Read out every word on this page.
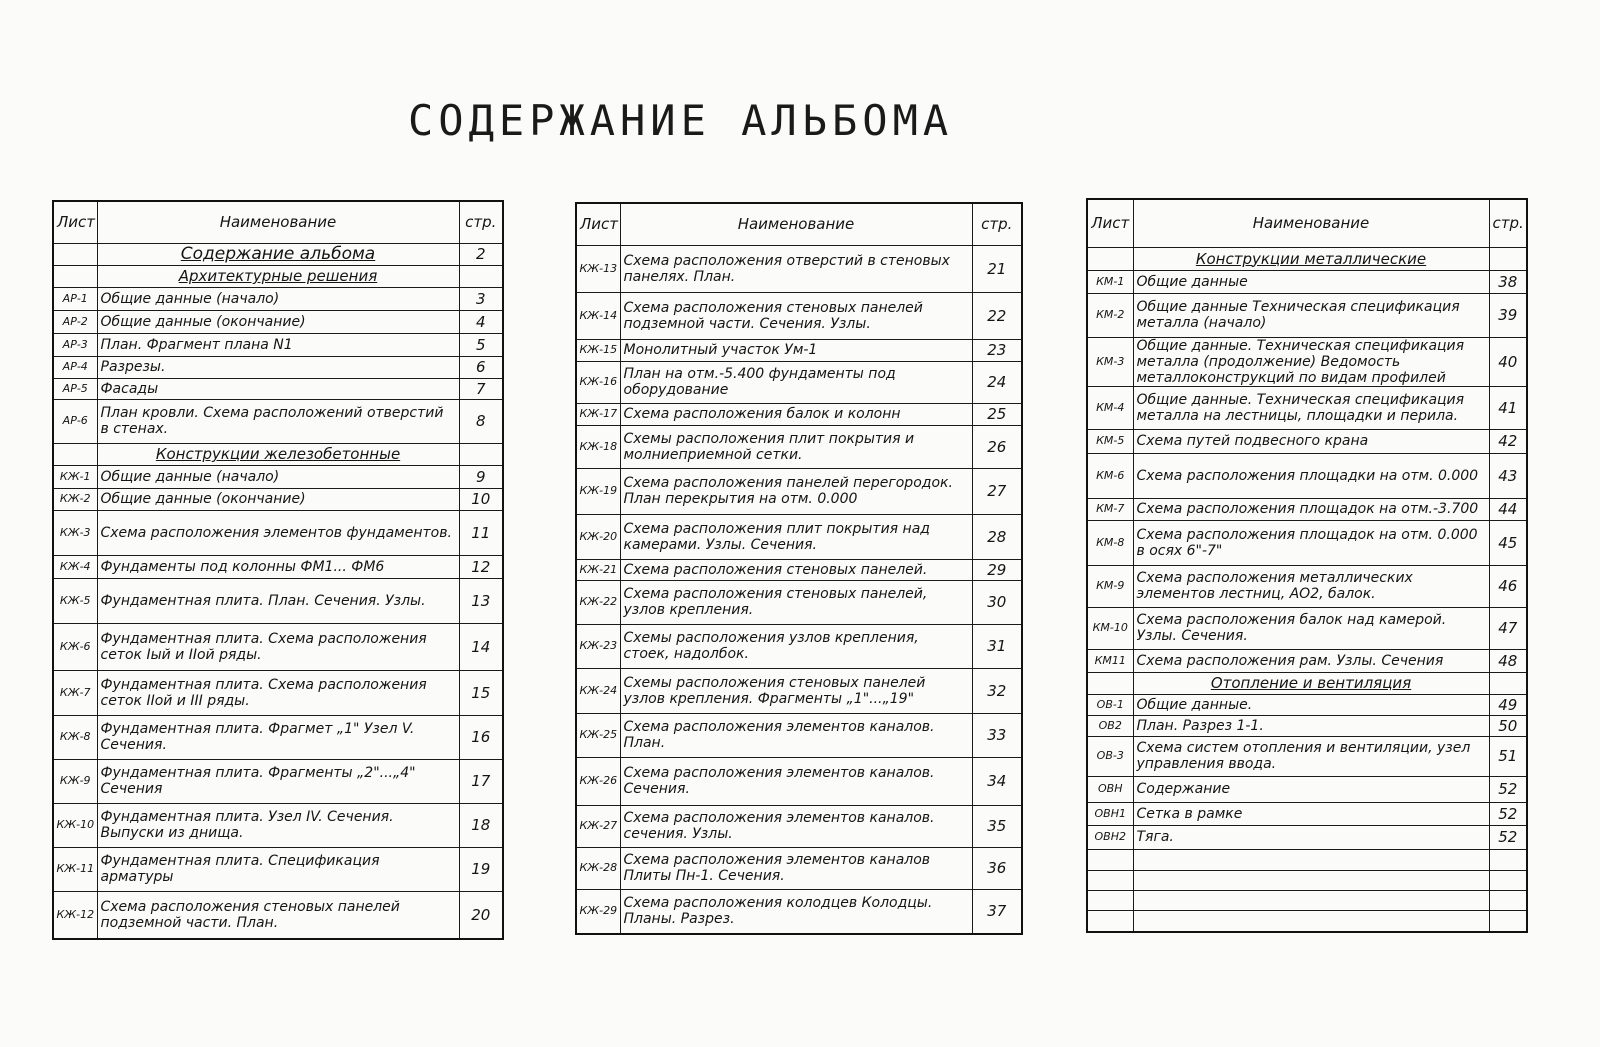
СОДЕРЖАНИЕ АЛЬБОМА
Лист	Наименование	стр.
	Содержание альбома	2
	Архитектурные решения	
АР-1	Общие данные (начало)	3
АР-2	Общие данные (окончание)	4
АР-3	План. Фрагмент плана N1	5
АР-4	Разрезы.	6
АР-5	Фасады	7
АР-6	План кровли. Схема расположений отверстий в стенах.	8
	Конструкции железобетонные	
КЖ-1	Общие данные (начало)	9
КЖ-2	Общие данные (окончание)	10
КЖ-3	Схема расположения элементов фундаментов.	11
КЖ-4	Фундаменты под колонны ФМ1... ФМ6	12
КЖ-5	Фундаментная плита. План. Сечения. Узлы.	13
КЖ-6	Фундаментная плита. Схема расположения сеток Iый и IIой ряды.	14
КЖ-7	Фундаментная плита. Схема расположения сеток IIой и III ряды.	15
КЖ-8	Фундаментная плита. Фрагмет „1" Узел V. Сечения.	16
КЖ-9	Фундаментная плита. Фрагменты „2"...„4" Сечения	17
КЖ-10	Фундаментная плита. Узел IV. Сечения. Выпуски из днища.	18
КЖ-11	Фундаментная плита. Спецификация арматуры	19
КЖ-12	Схема расположения стеновых панелей подземной части. План.	20
Лист	Наименование	стр.
КЖ-13	Схема расположения отверстий в стеновых панелях. План.	21
КЖ-14	Схема расположения стеновых панелей подземной части. Сечения. Узлы.	22
КЖ-15	Монолитный участок Ум-1	23
КЖ-16	План на отм.-5.400 фундаменты под оборудование	24
КЖ-17	Схема расположения балок и колонн	25
КЖ-18	Схемы расположения плит покрытия и молниеприемной сетки.	26
КЖ-19	Схема расположения панелей перегородок. План перекрытия на отм. 0.000	27
КЖ-20	Схема расположения плит покрытия над камерами. Узлы. Сечения.	28
КЖ-21	Схема расположения стеновых панелей.	29
КЖ-22	Схема расположения стеновых панелей, узлов крепления.	30
КЖ-23	Схемы расположения узлов крепления, стоек, надолбок.	31
КЖ-24	Схемы расположения стеновых панелей узлов крепления. Фрагменты „1"...„19"	32
КЖ-25	Схема расположения элементов каналов. План.	33
КЖ-26	Схема расположения элементов каналов. Сечения.	34
КЖ-27	Схема расположения элементов каналов. сечения. Узлы.	35
КЖ-28	Схема расположения элементов каналов Плиты Пн-1. Сечения.	36
КЖ-29	Схема расположения колодцев Колодцы. Планы. Разрез.	37
Лист	Наименование	стр.
	Конструкции металлические	
КМ-1	Общие данные	38
КМ-2	Общие данные Техническая спецификация металла (начало)	39
КМ-3	Общие данные. Техническая спецификация металла (продолжение) Ведомость металлоконструкций по видам профилей	40
КМ-4	Общие данные. Техническая спецификация металла на лестницы, площадки и перила.	41
КМ-5	Схема путей подвесного крана	42
КМ-6	Схема расположения площадки на отм. 0.000	43
КМ-7	Схема расположения площадок на отм.-3.700	44
КМ-8	Схема расположения площадок на отм. 0.000 в осях 6"-7"	45
КМ-9	Схема расположения металлических элементов лестниц, АО2, балок.	46
КМ-10	Схема расположения балок над камерой. Узлы. Сечения.	47
КМ11	Схема расположения рам. Узлы. Сечения	48
	Отопление и вентиляция	
ОВ-1	Общие данные.	49
ОВ2	План. Разрез 1-1.	50
ОВ-3	Схема систем отопления и вентиляции, узел управления ввода.	51
ОВН	Содержание	52
ОВН1	Сетка в рамке	52
ОВН2	Тяга.	52
